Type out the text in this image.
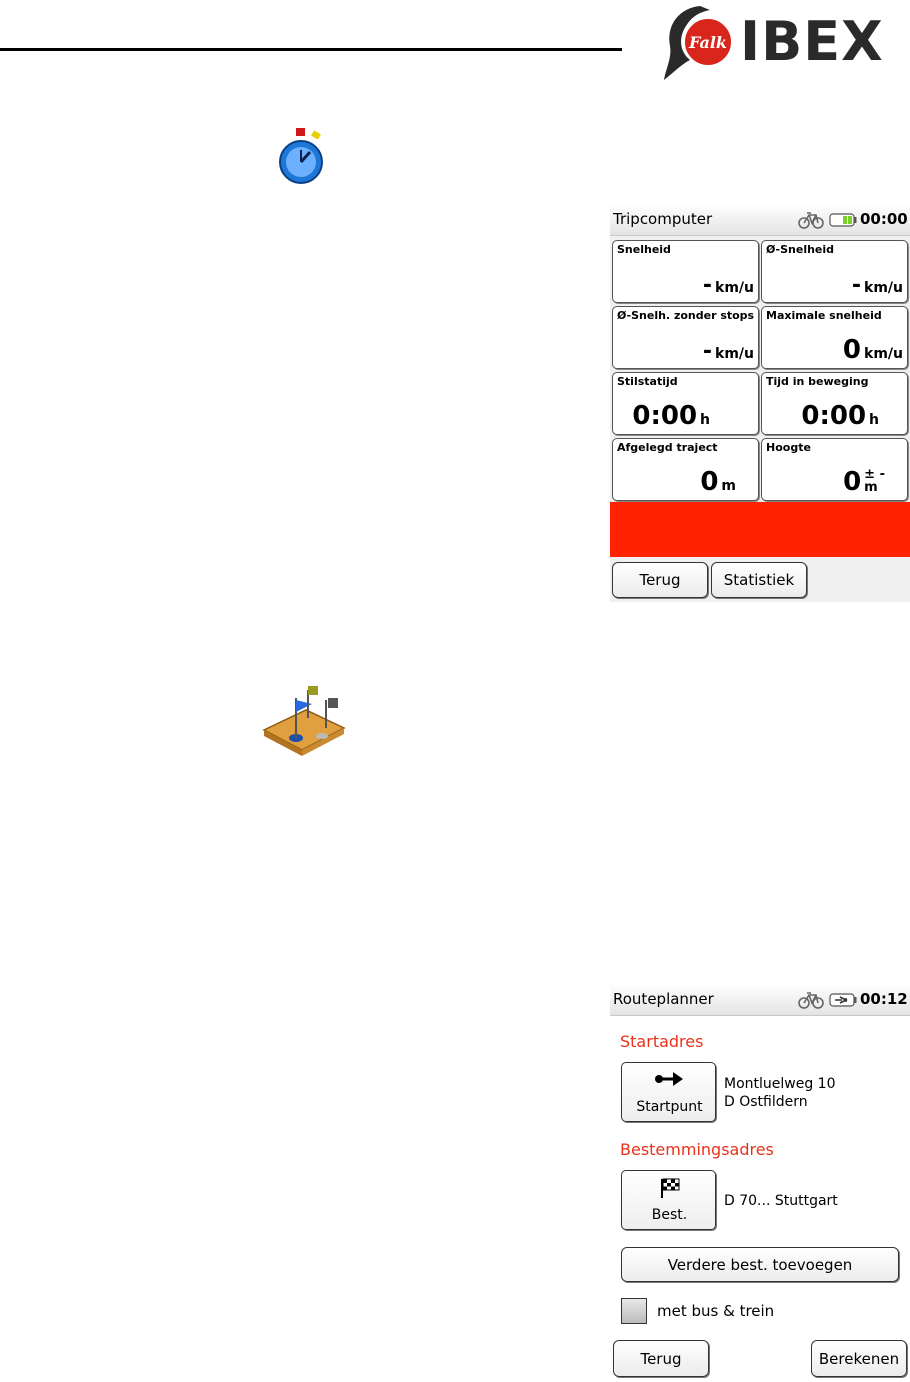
Falk IBEX
Tripcomputer	00:00
Snelheid
- km/u
Ø-Snelheid
- km/u
Ø-Snelh. zonder stops
- km/u
Maximale snelheid
0 km/u
Stilstatijd
0:00 h
Tijd in beweging
0:00 h
Afgelegd traject
0 m
Hoogte
0 ± -
m
Terug	Statistiek
Routeplanner	00:12
Startadres
Startpunt
Montluelweg 10
D Ostfildern
Bestemmingsadres
Best.
D 70... Stuttgart
Verdere best. toevoegen
met bus & trein
Terug	Berekenen
